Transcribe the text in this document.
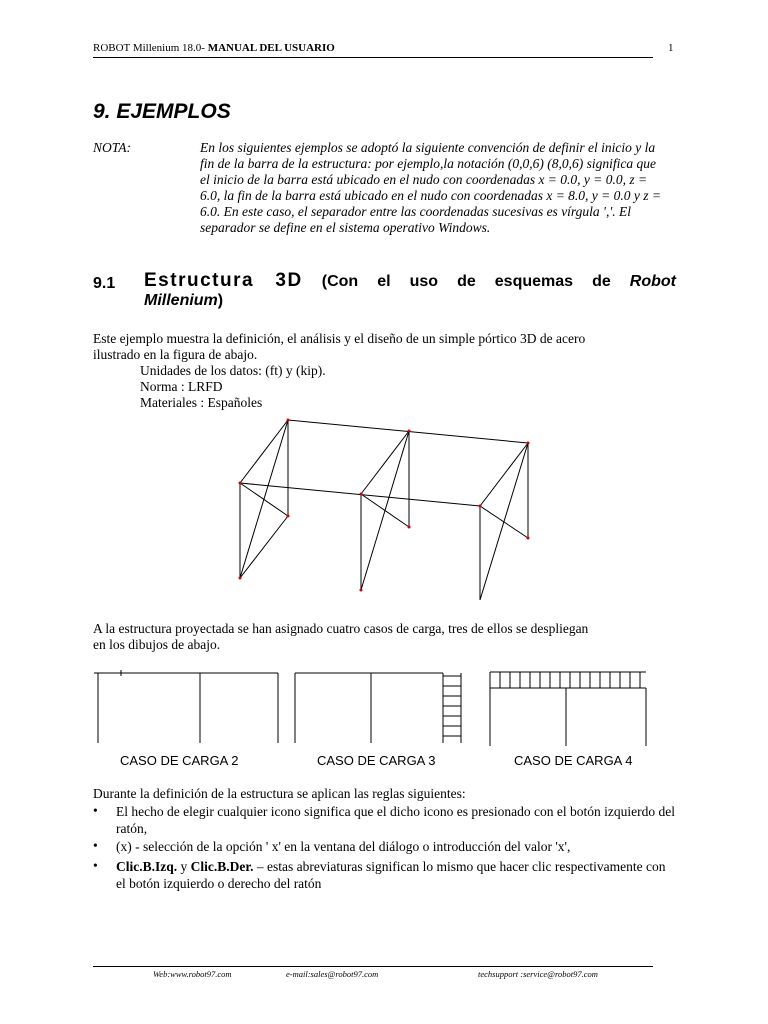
ROBOT Millenium 18.0- MANUAL DEL USUARIO	1
9. EJEMPLOS
NOTA:	En los siguientes ejemplos se adoptó la siguiente convención de definir el inicio y la fin de la barra de la estructura: por ejemplo,la notación (0,0,6) (8,0,6) significa que el inicio de la barra está ubicado en el nudo con coordenadas x = 0.0, y = 0.0, z = 6.0, la fin de la barra está ubicado en el nudo con coordenadas x = 8.0, y = 0.0 y z = 6.0. En este caso, el separador entre las coordenadas sucesivas es vírgula ','. El separador se define en el sistema operativo Windows.
9.1 Estructura 3D (Con el uso de esquemas de Robot
Millenium)
Este ejemplo muestra la definición, el análisis y el diseño de un simple pórtico 3D de acero
ilustrado en la figura de abajo.
Unidades de los datos: (ft) y (kip).
Norma : LRFD
Materiales : Españoles
A la estructura proyectada se han asignado cuatro casos de carga, tres de ellos se despliegan
en los dibujos de abajo.
CASO DE CARGA 2	CASO DE CARGA 3	CASO DE CARGA 4
Durante la definición de la estructura se aplican las reglas siguientes:
• El hecho de elegir cualquier icono significa que el dicho icono es presionado con el botón izquierdo del ratón,
• (x) - selección de la opción ' x' en la ventana del diálogo o introducción del valor 'x',
• Clic.B.Izq. y Clic.B.Der. – estas abreviaturas significan lo mismo que hacer clic respectivamente con el botón izquierdo o derecho del ratón
Web:www.robot97.com	e-mail:sales@robot97.com	techsupport :service@robot97.com
